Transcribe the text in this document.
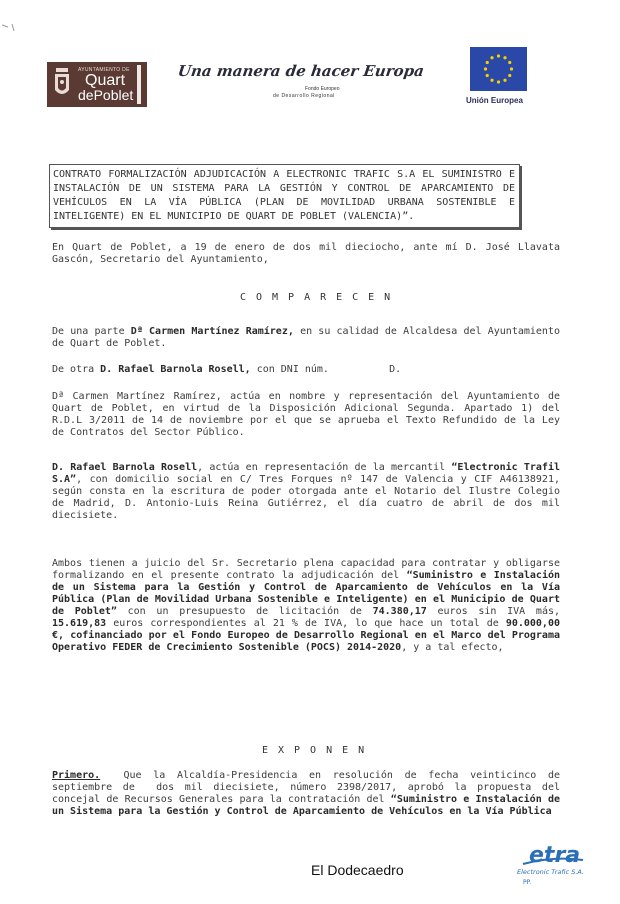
AYUNTAMIENTO DE
Quart
dePoblet
Una manera de hacer Europa
Fondo Europeo
de Desarrollo Regional	Unión Europea
CONTRATO FORMALIZACIÓN ADJUDICACIÓN A ELECTRONIC TRAFIC S.A EL SUMINISTRO E INSTALACIÓN DE UN SISTEMA PARA LA GESTIÓN Y CONTROL DE APARCAMIENTO DE VEHÍCULOS EN LA VÍA PÚBLICA (PLAN DE MOVILIDAD URBANA SOSTENIBLE E INTELIGENTE) EN EL MUNICIPIO DE QUART DE POBLET (VALENCIA)”.

En Quart de Poblet, a 19 de enero de dos mil dieciocho, ante mí D. José Llavata Gascón, Secretario del Ayuntamiento,

COMPARECEN

De una parte Dª Carmen Martínez Ramírez, en su calidad de Alcaldesa del Ayuntamiento de Quart de Poblet.

De otra D. Rafael Barnola Rosell, con DNI núm.          D.

Dª Carmen Martínez Ramírez, actúa en nombre y representación del Ayuntamiento de Quart de Poblet, en virtud de la Disposición Adicional Segunda. Apartado 1) del R.D.L 3/2011 de 14 de noviembre por el que se aprueba el Texto Refundido de la Ley de Contratos del Sector Público.

D. Rafael Barnola Rosell, actúa en representación de la mercantil “Electronic Trafil S.A”, con domicilio social en C/ Tres Forques nº 147 de Valencia y CIF A46138921, según consta en la escritura de poder otorgada ante el Notario del Ilustre Colegio de Madrid, D. Antonio-Luis Reina Gutiérrez, el día cuatro de abril de dos mil diecisiete.

Ambos tienen a juicio del Sr. Secretario plena capacidad para contratar y obligarse formalizando en el presente contrato la adjudicación del “Suministro e Instalación de un Sistema para la Gestión y Control de Aparcamiento de Vehículos en la Vía Pública (Plan de Movilidad Urbana Sostenible e Inteligente) en el Municipio de Quart de Poblet” con un presupuesto de licitación de 74.380,17 euros sin IVA más, 15.619,83 euros correspondientes al 21 % de IVA, lo que hace un total de 90.000,00 €, cofinanciado por el Fondo Europeo de Desarrollo Regional en el Marco del Programa Operativo FEDER de Crecimiento Sostenible (POCS) 2014-2020, y a tal efecto,

EXPONEN

Primero.  Que la Alcaldía-Presidencia en resolución de fecha veinticinco de septiembre de  dos mil diecisiete, número 2398/2017, aprobó la propuesta del concejal de Recursos Generales para la contratación del “Suministro e Instalación de un Sistema para la Gestión y Control de Aparcamiento de Vehículos en la Vía Pública

El Dodecaedro
etra
Electronic Trafic S.A.
PP.
